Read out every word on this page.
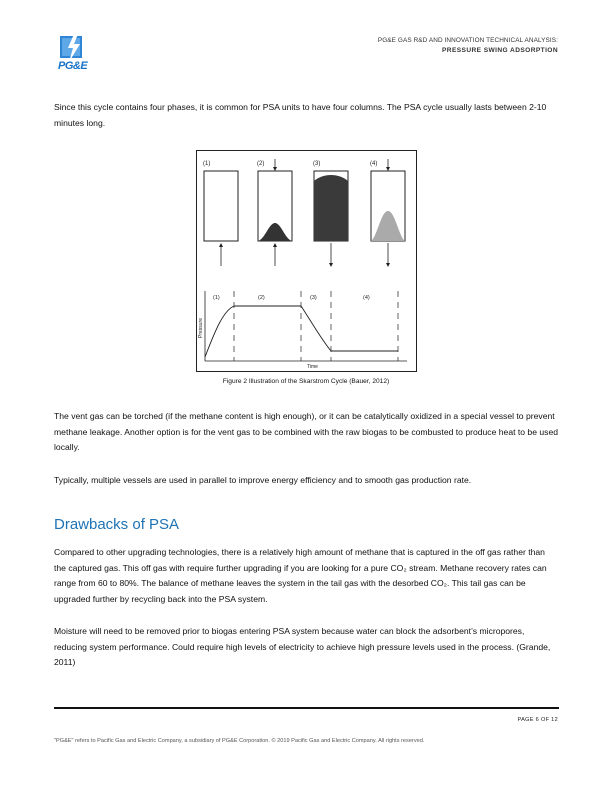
PG&E
PG&E GAS R&D AND INNOVATION TECHNICAL ANALYSIS:
PRESSURE SWING ADSORPTION
Since this cycle contains four phases, it is common for PSA units to have four columns. The PSA cycle usually lasts between 2-10 minutes long.
(1)	(2)	(3)	(4)
Pressure
Time
(1)	(2)	(3)	(4)
Figure 2 Illustration of the Skarstrom Cycle (Bauer, 2012)
The vent gas can be torched (if the methane content is high enough), or it can be catalytically oxidized in a special vessel to prevent methane leakage. Another option is for the vent gas to be combined with the raw biogas to be combusted to produce heat to be used locally.
Typically, multiple vessels are used in parallel to improve energy efficiency and to smooth gas production rate.
Drawbacks of PSA
Compared to other upgrading technologies, there is a relatively high amount of methane that is captured in the off gas rather than the captured gas. This off gas with require further upgrading if you are looking for a pure CO₂ stream. Methane recovery rates can range from 60 to 80%. The balance of methane leaves the system in the tail gas with the desorbed CO₂. This tail gas can be upgraded further by recycling back into the PSA system.
Moisture will need to be removed prior to biogas entering PSA system because water can block the adsorbent’s micropores, reducing system performance. Could require high levels of electricity to achieve high pressure levels used in the process. (Grande, 2011)
PAGE 6 OF 12
"PG&E" refers to Pacific Gas and Electric Company, a subsidiary of PG&E Corporation. © 2019 Pacific Gas and Electric Company. All rights reserved.
